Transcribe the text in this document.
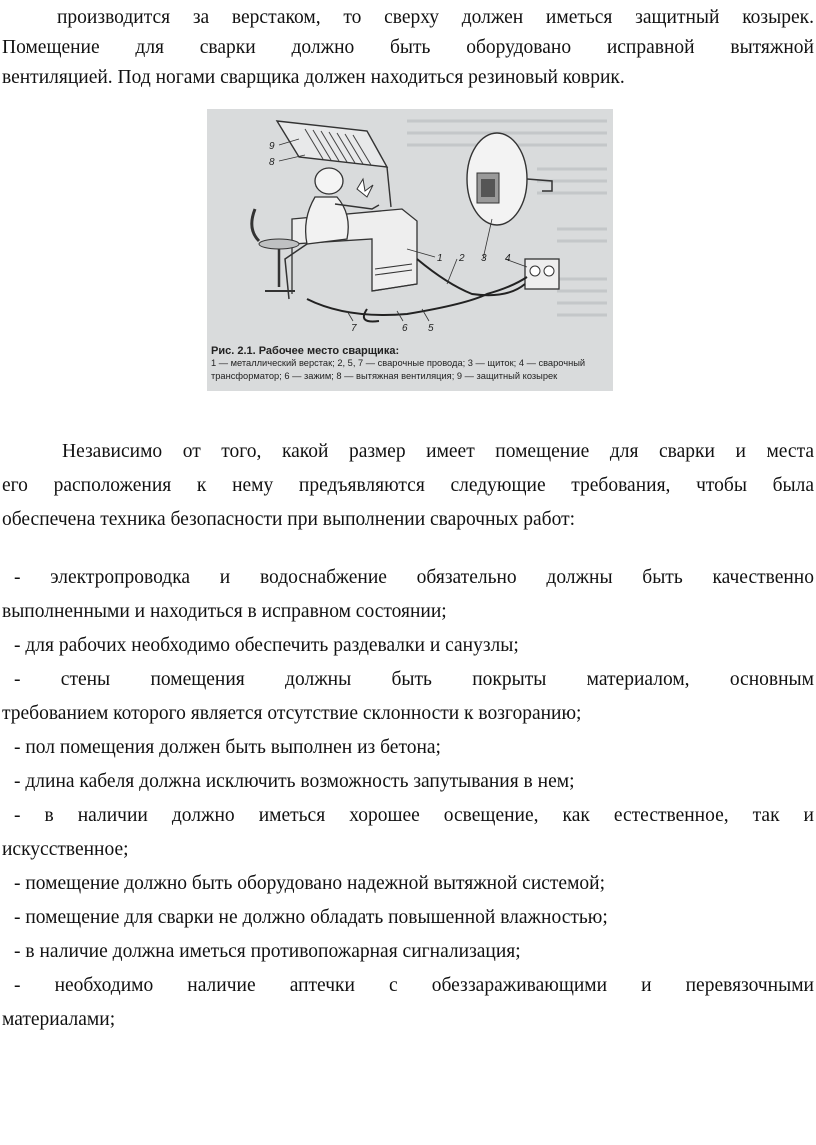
производится за верстаком, то сверху должен иметься защитный козырек.
Помещение для сварки должно быть оборудовано исправной вытяжной
вентиляцией. Под ногами сварщика должен находиться резиновый коврик.
9
8
1 2 3 4
7	6 5
Рис. 2.1. Рабочее место сварщика:
1 — металлический верстак; 2, 5, 7 — сварочные провода; 3 — щиток; 4 — сварочный
трансформатор; 6 — зажим; 8 — вытяжная вентиляция; 9 — защитный козырек
Независимо от того, какой размер имеет помещение для сварки и места
его расположения к нему предъявляются следующие требования, чтобы была
обеспечена техника безопасности при выполнении сварочных работ:
- электропроводка и водоснабжение обязательно должны быть качественно
выполненными и находиться в исправном состоянии;
- для рабочих необходимо обеспечить раздевалки и санузлы;
- стены помещения должны быть покрыты материалом, основным
требованием которого является отсутствие склонности к возгоранию;
- пол помещения должен быть выполнен из бетона;
- длина кабеля должна исключить возможность запутывания в нем;
- в наличии должно иметься хорошее освещение, как естественное, так и
искусственное;
- помещение должно быть оборудовано надежной вытяжной системой;
- помещение для сварки не должно обладать повышенной влажностью;
- в наличие должна иметься противопожарная сигнализация;
- необходимо наличие аптечки с обеззараживающими и перевязочными
материалами;
